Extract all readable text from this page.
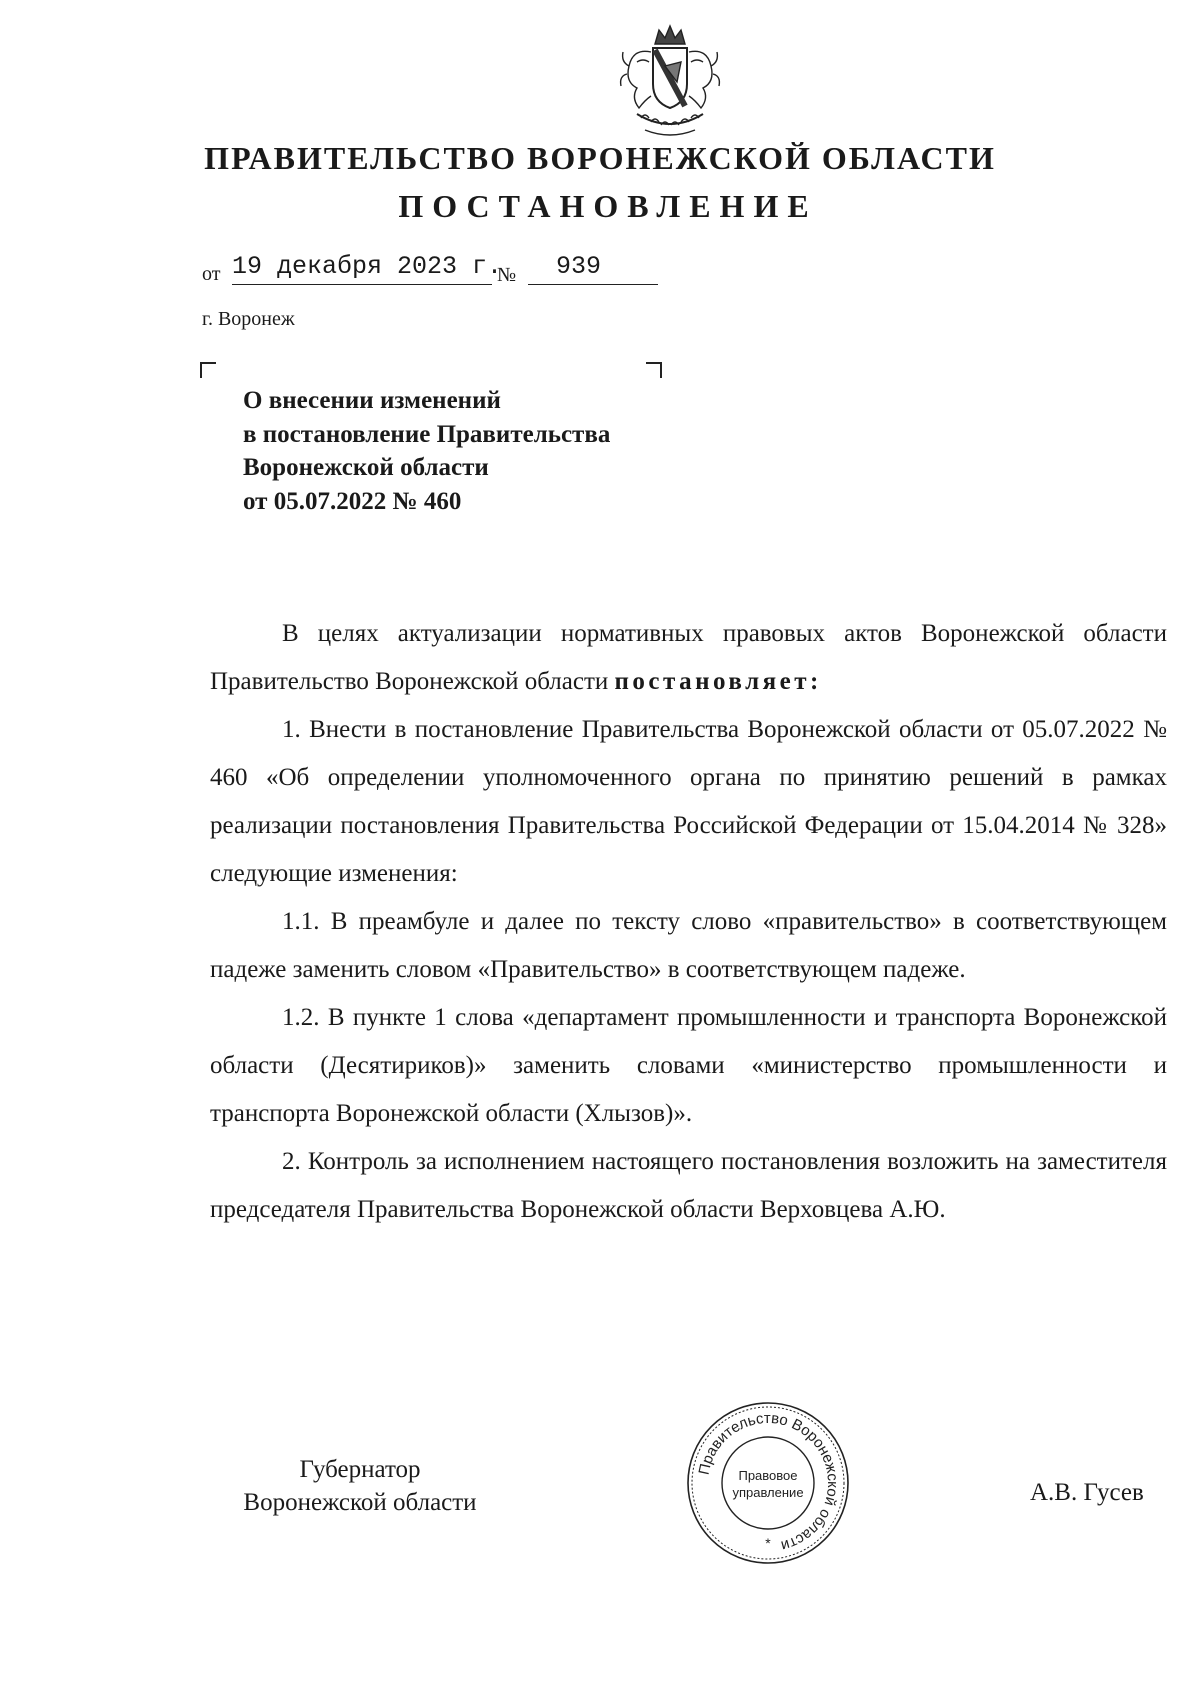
ПРАВИТЕЛЬСТВО ВОРОНЕЖСКОЙ ОБЛАСТИ
ПОСТАНОВЛЕНИЕ
от 19 декабря 2023 г.
№	939
г. Воронеж
О внесении изменений
в постановление Правительства
Воронежской области
от 05.07.2022 № 460

В целях актуализации нормативных правовых актов Воронежской области Правительство Воронежской области постановляет:

1. Внести в постановление Правительства Воронежской области от 05.07.2022 № 460 «Об определении уполномоченного органа по принятию решений в рамках реализации постановления Правительства Российской Федерации от 15.04.2014 № 328» следующие изменения:

1.1. В преамбуле и далее по тексту слово «правительство» в соответствующем падеже заменить словом «Правительство» в соответствующем падеже.

1.2. В пункте 1 слова «департамент промышленности и транспорта Воронежской области (Десятириков)» заменить словами «министерство промышленности и транспорта Воронежской области (Хлызов)».

2. Контроль за исполнением настоящего постановления возложить на заместителя председателя Правительства Воронежской области Верховцева А.Ю.

Губернатор
Воронежской области	А.В. Гусев
Правительство Воронежской области
Правовое
управление
*
